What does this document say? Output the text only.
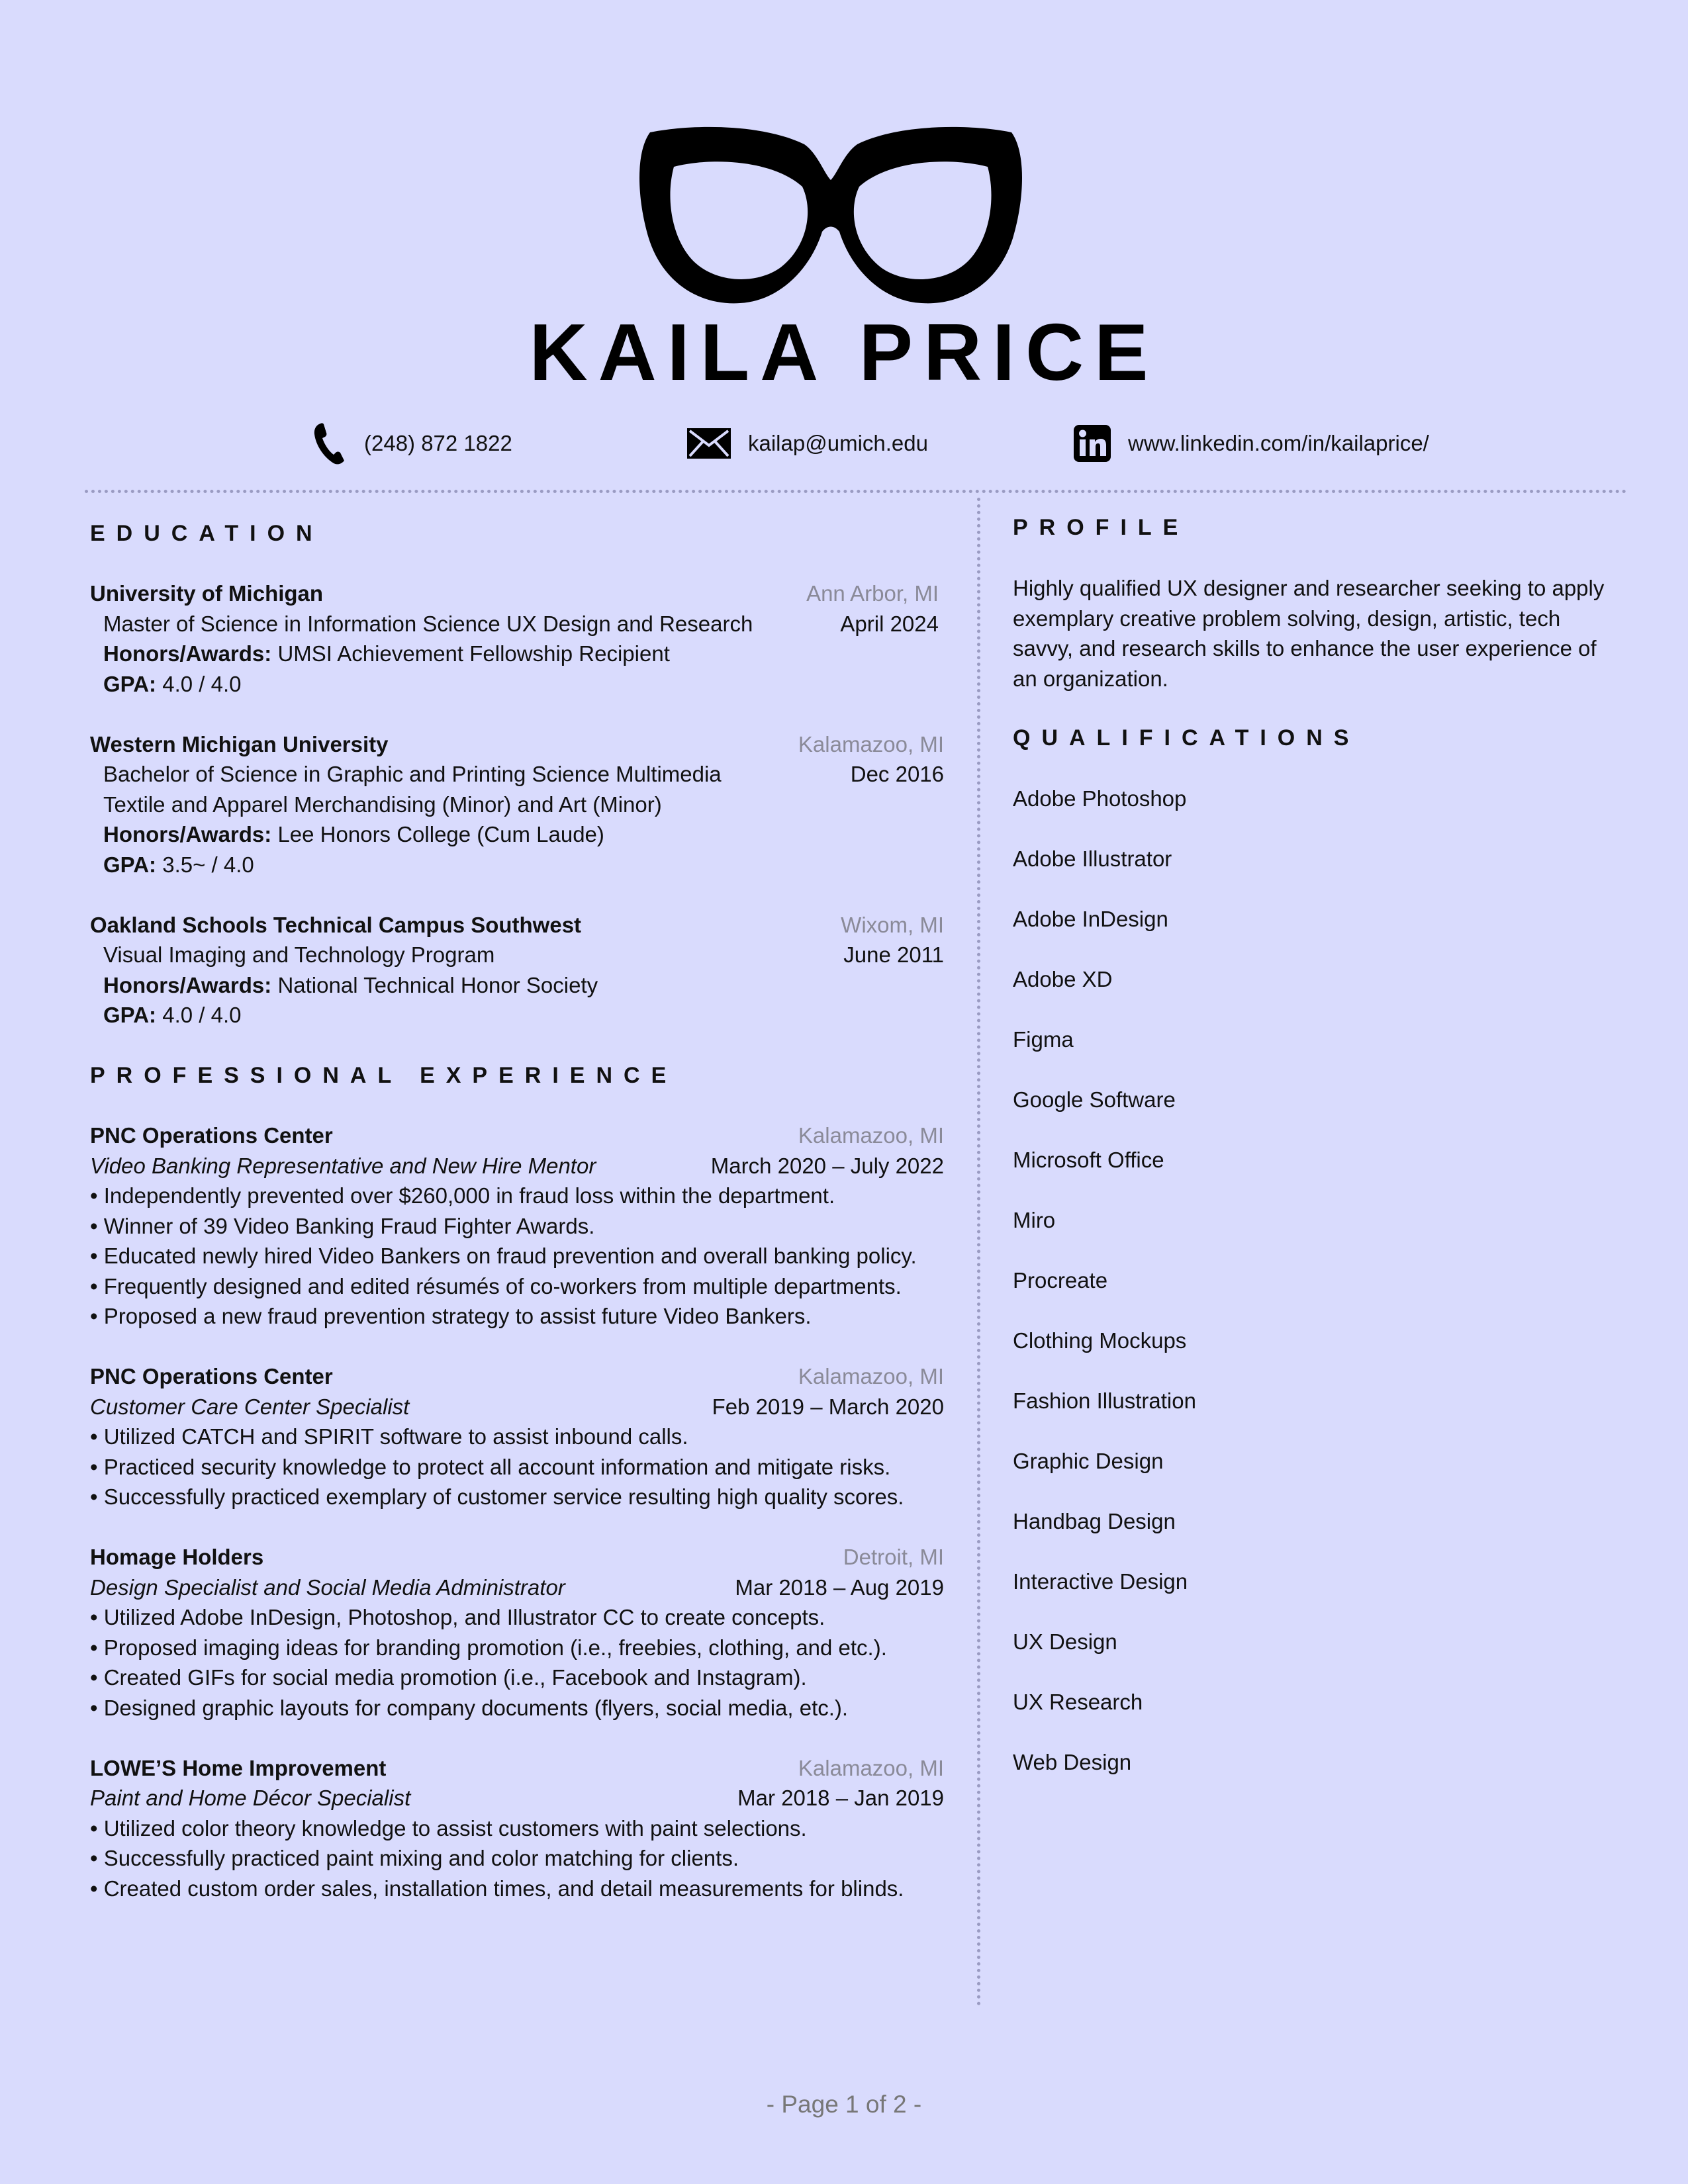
KAILA PRICE
(248) 872 1822	kailap@umich.edu	www.linkedin.com/in/kailaprice/
EDUCATION
University of Michigan	Ann Arbor, MI
Master of Science in Information Science UX Design and Research	April 2024
Honors/Awards: UMSI Achievement Fellowship Recipient
GPA: 4.0 / 4.0
Western Michigan University	Kalamazoo, MI
Bachelor of Science in Graphic and Printing Science Multimedia	Dec 2016
Textile and Apparel Merchandising (Minor) and Art (Minor)
Honors/Awards: Lee Honors College (Cum Laude)
GPA: 3.5~ / 4.0
Oakland Schools Technical Campus Southwest	Wixom, MI
Visual Imaging and Technology Program	June 2011
Honors/Awards: National Technical Honor Society
GPA: 4.0 / 4.0
PROFESSIONAL EXPERIENCE
PNC Operations Center	Kalamazoo, MI
Video Banking Representative and New Hire Mentor	March 2020 – July 2022
• Independently prevented over $260,000 in fraud loss within the department.
• Winner of 39 Video Banking Fraud Fighter Awards.
• Educated newly hired Video Bankers on fraud prevention and overall banking policy.
• Frequently designed and edited résumés of co-workers from multiple departments.
• Proposed a new fraud prevention strategy to assist future Video Bankers.
PNC Operations Center	Kalamazoo, MI
Customer Care Center Specialist	Feb 2019 – March 2020
• Utilized CATCH and SPIRIT software to assist inbound calls.
• Practiced security knowledge to protect all account information and mitigate risks.
• Successfully practiced exemplary of customer service resulting high quality scores.
Homage Holders	Detroit, MI
Design Specialist and Social Media Administrator	Mar 2018 – Aug 2019
• Utilized Adobe InDesign, Photoshop, and Illustrator CC to create concepts.
• Proposed imaging ideas for branding promotion (i.e., freebies, clothing, and etc.).
• Created GIFs for social media promotion (i.e., Facebook and Instagram).
• Designed graphic layouts for company documents (flyers, social media, etc.).
LOWE’S Home Improvement	Kalamazoo, MI
Paint and Home Décor Specialist	Mar 2018 – Jan 2019
• Utilized color theory knowledge to assist customers with paint selections.
• Successfully practiced paint mixing and color matching for clients.
• Created custom order sales, installation times, and detail measurements for blinds.
PROFILE
Highly qualified UX designer and researcher seeking to apply
exemplary creative problem solving, design, artistic, tech
savvy, and research skills to enhance the user experience of
an organization.
QUALIFICATIONS
Adobe Photoshop
Adobe Illustrator
Adobe InDesign
Adobe XD
Figma
Google Software
Microsoft Office
Miro
Procreate
Clothing Mockups
Fashion Illustration
Graphic Design
Handbag Design
Interactive Design
UX Design
UX Research
Web Design
- Page 1 of 2 -
